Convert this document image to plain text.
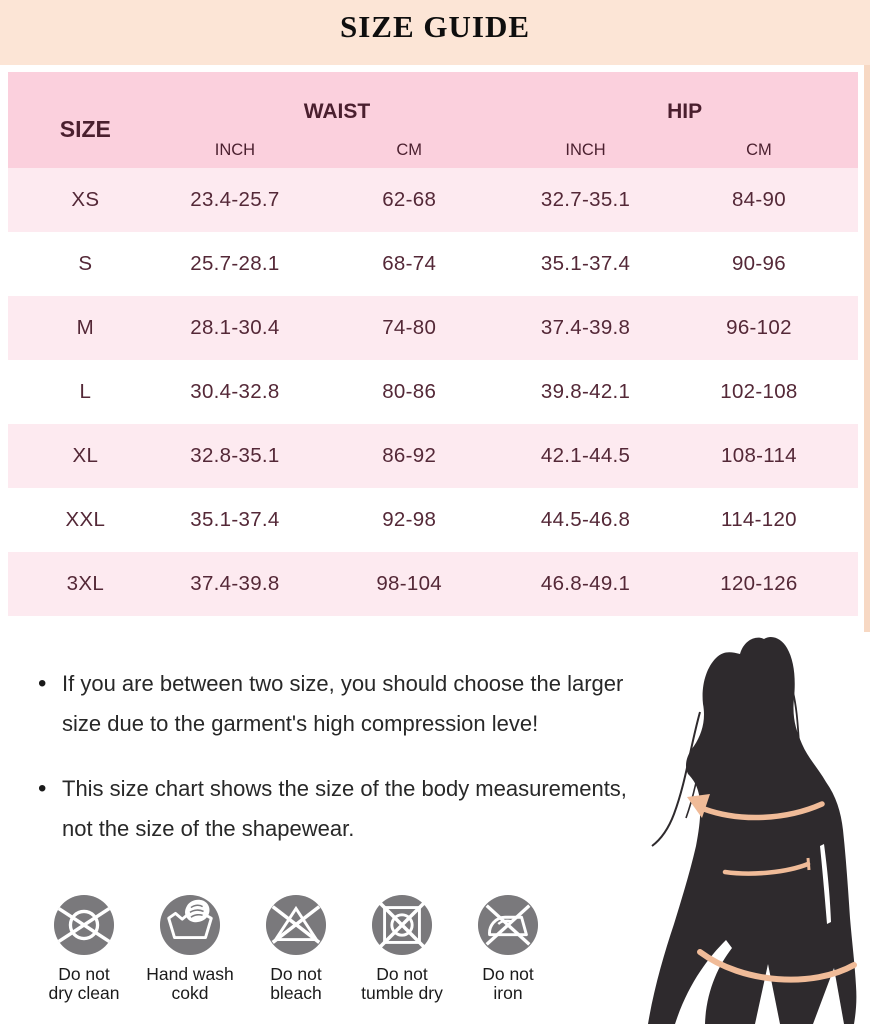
SIZE GUIDE
SIZE
WAIST	HIP
INCH	CM	INCH	CM
XS	23.4-25.7	62-68	32.7-35.1	84-90
S	25.7-28.1	68-74	35.1-37.4	90-96
M	28.1-30.4	74-80	37.4-39.8	96-102
L	30.4-32.8	80-86	39.8-42.1	102-108
XL	32.8-35.1	86-92	42.1-44.5	108-114
XXL	35.1-37.4	92-98	44.5-46.8	114-120
3XL	37.4-39.8	98-104	46.8-49.1	120-126
• If you are between two size, you should choose the larger size due to the garment's high compression leve!
• This size chart shows the size of the body measurements, not the size of the shapewear.
Do not
dry clean
Hand wash
cokd
Do not
bleach
Do not
tumble dry
Do not
iron
